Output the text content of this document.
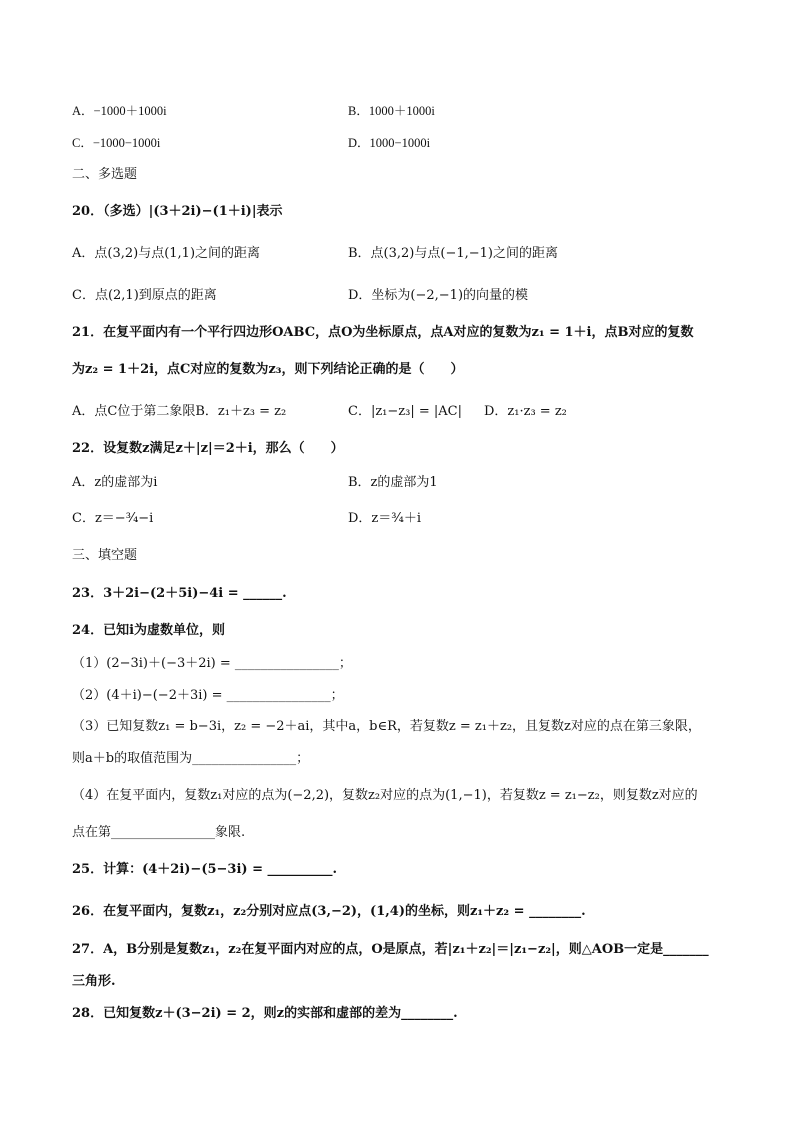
A．−1000＋1000i	B．1000＋1000i
C．−1000−1000i	D．1000−1000i
二、多选题
20．（多选）|(3＋2i)−(1＋i)|表示
A．点(3,2)与点(1,1)之间的距离	B．点(3,2)与点(−1,−1)之间的距离
C．点(2,1)到原点的距离	D．坐标为(−2,−1)的向量的模
21．在复平面内有一个平行四边形OABC，点O为坐标原点，点A对应的复数为z₁ = 1＋i，点B对应的复数
为z₂ = 1＋2i，点C对应的复数为z₃，则下列结论正确的是（　　）
A．点C位于第二象限B．z₁＋z₃ = z₂	C．|z₁−z₃| = |AC| D．z₁·z₃ = z₂
22．设复数z满足z＋|z|＝2＋i，那么（　　）
A．z的虚部为i	B．z的虚部为1
C．z＝−³⁄₄−i	D．z＝³⁄₄＋i
三、填空题
23．3＋2i−(2＋5i)−4i = ______.
24．已知i为虚数单位，则
（1）(2−3i)＋(−3＋2i) = ________________；
（2）(4＋i)−(−2＋3i) = ________________；
（3）已知复数z₁ = b−3i，z₂ = −2＋ai，其中a，b∈R，若复数z = z₁＋z₂，且复数z对应的点在第三象限，
则a＋b的取值范围为________________；
（4）在复平面内，复数z₁对应的点为(−2,2)，复数z₂对应的点为(1,−1)，若复数z = z₁−z₂，则复数z对应的
点在第________________象限.
25．计算：(4＋2i)−(5−3i) = __________.
26．在复平面内，复数z₁，z₂分别对应点(3,−2)，(1,4)的坐标，则z₁＋z₂ = ________.
27．A，B分别是复数z₁，z₂在复平面内对应的点，O是原点，若|z₁＋z₂|＝|z₁−z₂|，则△AOB一定是_______
三角形.
28．已知复数z＋(3−2i) = 2，则z的实部和虚部的差为________.
